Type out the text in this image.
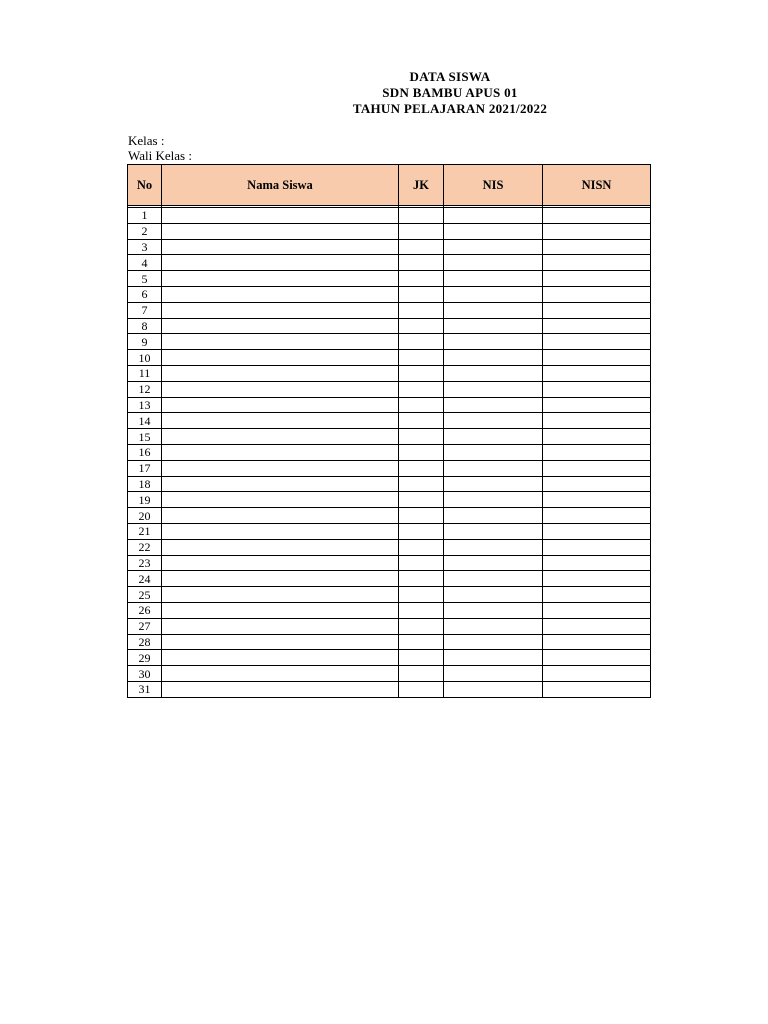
DATA SISWA
SDN BAMBU APUS 01
TAHUN PELAJARAN 2021/2022
Kelas :
Wali Kelas :
No	Nama Siswa	JK	NIS	NISN

1				
2				
3				
4				
5				
6				
7				
8				
9				
10				
11				
12				
13				
14				
15				
16				
17				
18				
19				
20				
21				
22				
23				
24				
25				
26				
27				
28				
29				
30				
31				
